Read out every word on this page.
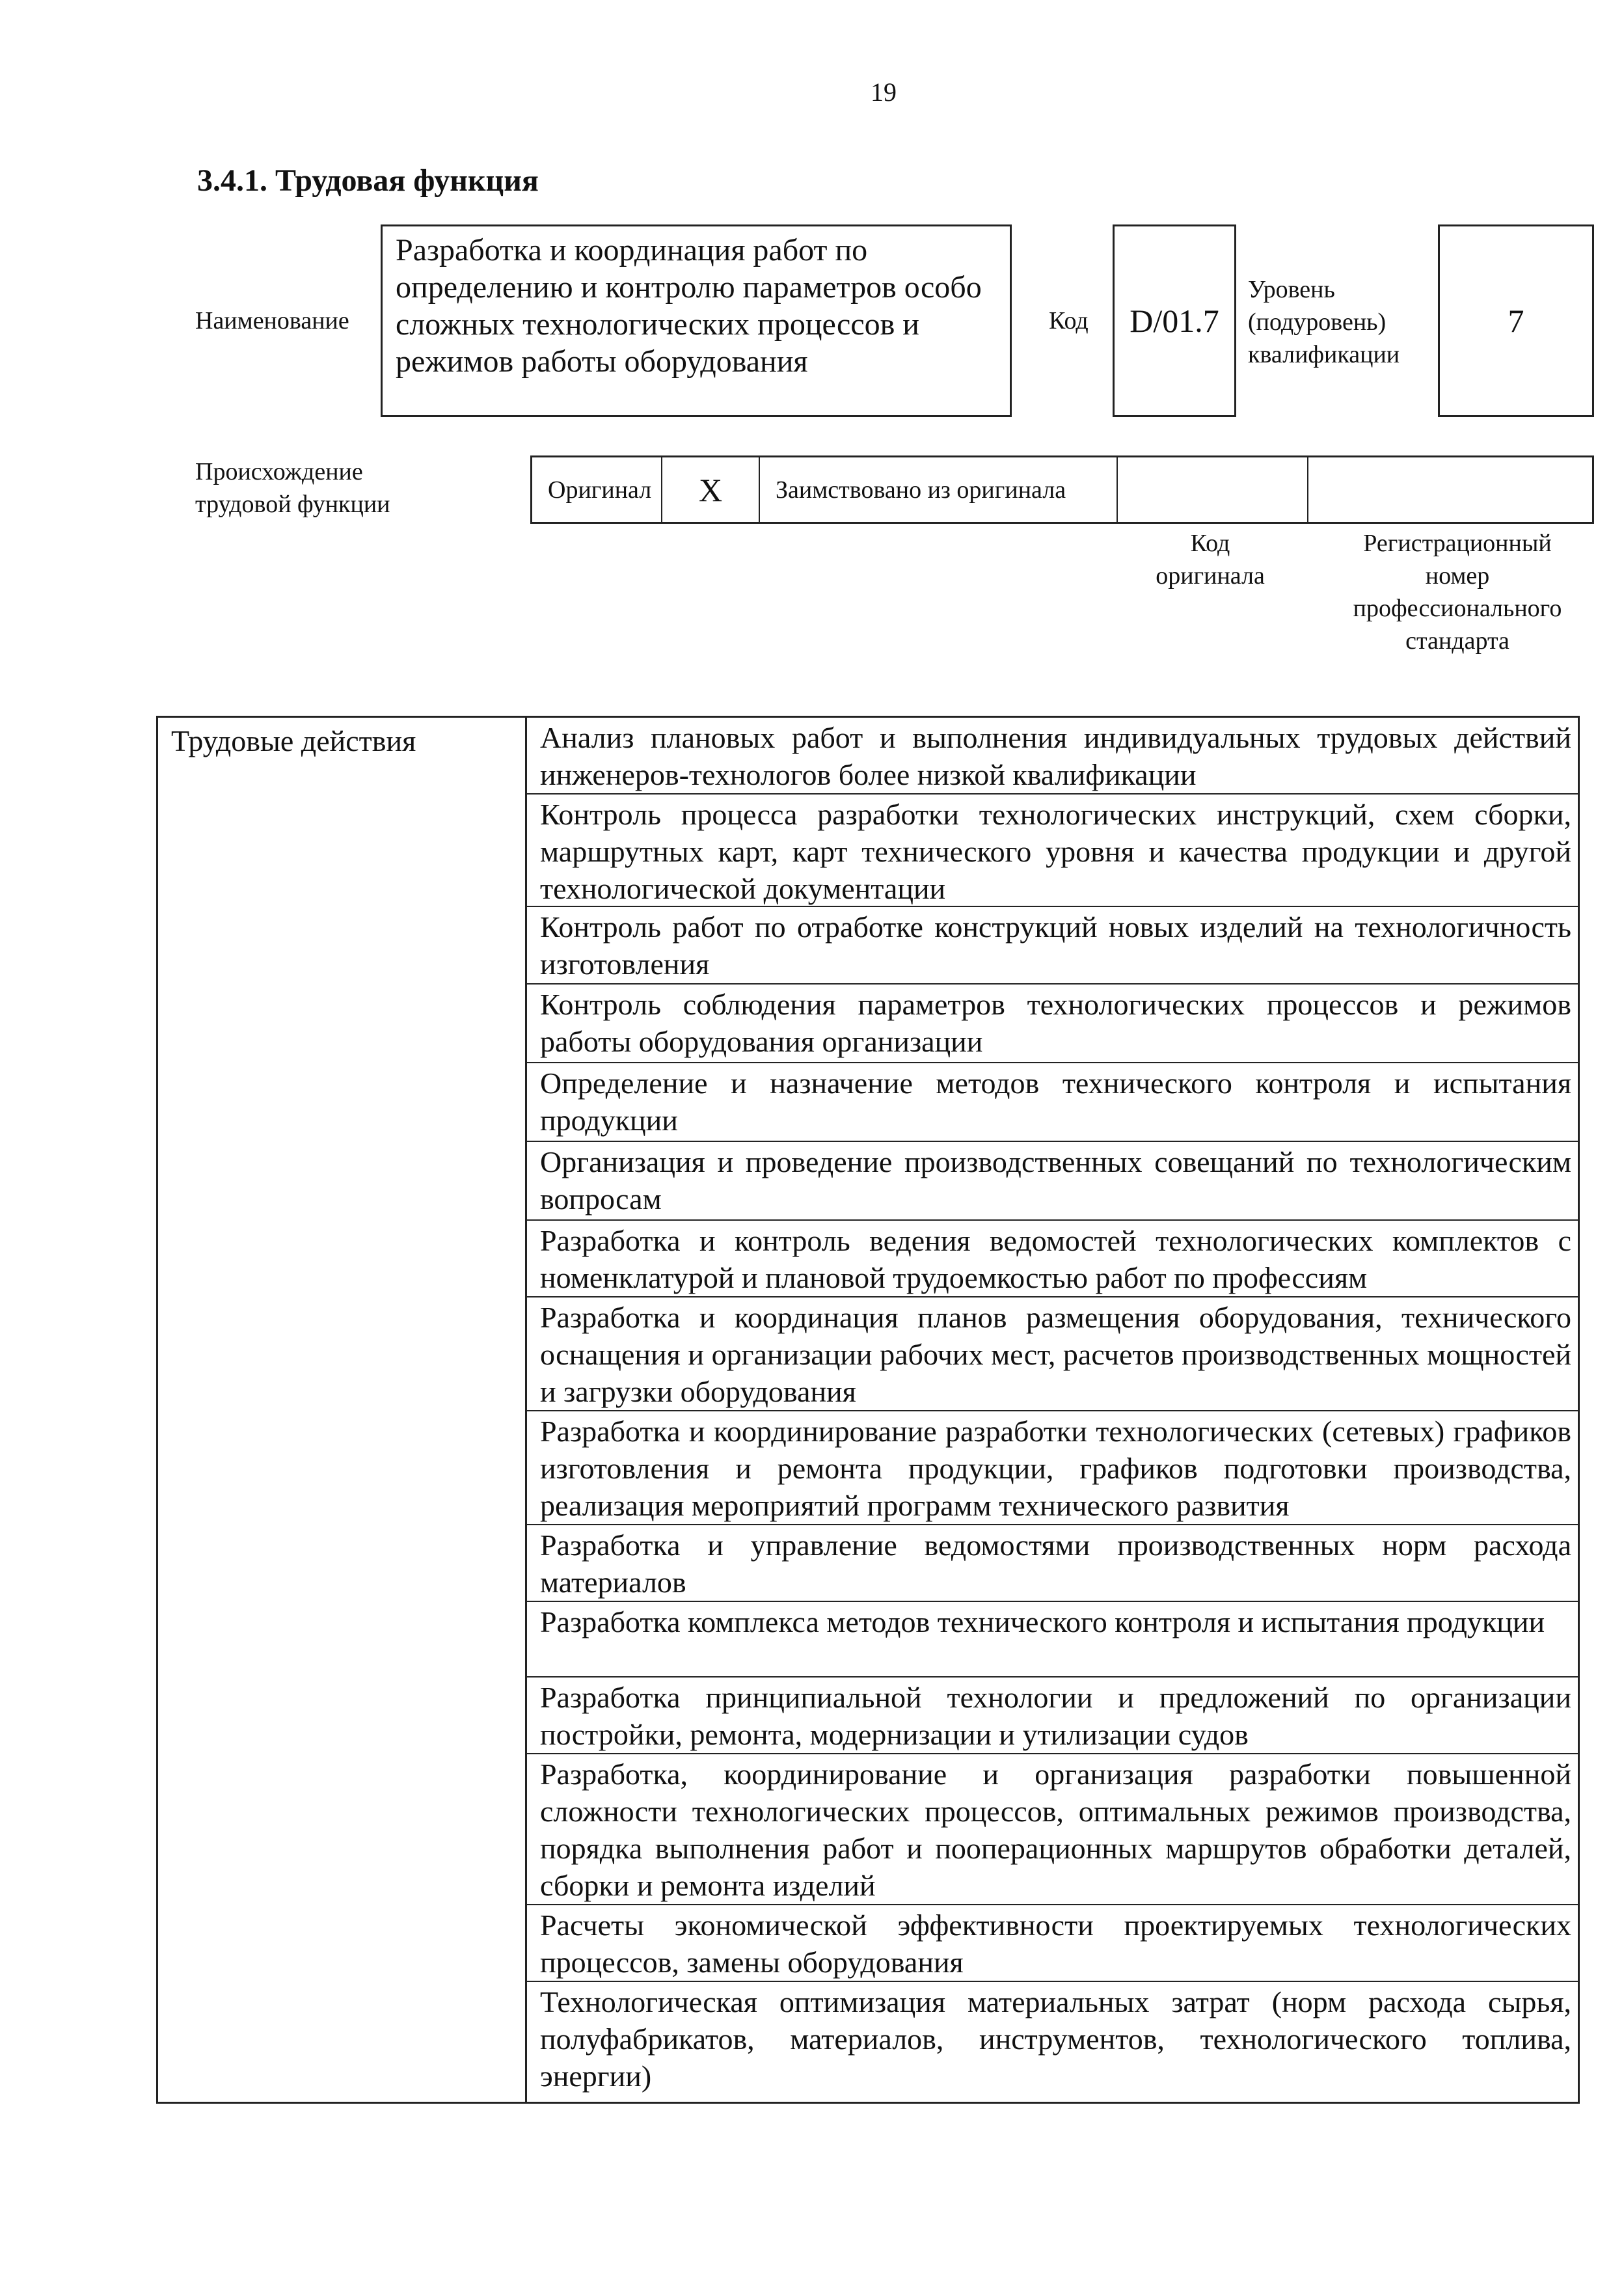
19
3.4.1. Трудовая функция
Наименование
Разработка и координация работ по определению и контролю параметров особо сложных технологических процессов и режимов работы оборудования
Код D/01.7
Уровень
(подуровень)
квалификации
7
Происхождение
трудовой функции
Оригинал X Заимствовано из оригинала
Код
оригинала
Регистрационный
номер
профессионального
стандарта
Трудовые действия	Анализ плановых работ и выполнения индивидуальных трудовых действий инженеров-технологов более низкой квалификации
Контроль процесса разработки технологических инструкций, схем сборки, маршрутных карт, карт технического уровня и качества продукции и другой технологической документации
Контроль работ по отработке конструкций новых изделий на технологичность изготовления
Контроль соблюдения параметров технологических процессов и режимов работы оборудования организации
Определение и назначение методов технического контроля и испытания продукции
Организация и проведение производственных совещаний по технологическим вопросам
Разработка и контроль ведения ведомостей технологических комплектов с номенклатурой и плановой трудоемкостью работ по профессиям
Разработка и координация планов размещения оборудования, технического оснащения и организации рабочих мест, расчетов производственных мощностей и загрузки оборудования
Разработка и координирование разработки технологических (сетевых) графиков изготовления и ремонта продукции, графиков подготовки производства, реализация мероприятий программ технического развития
Разработка и управление ведомостями производственных норм расхода материалов
Разработка комплекса методов технического контроля и испытания продукции
Разработка принципиальной технологии и предложений по организации постройки, ремонта, модернизации и утилизации судов
Разработка, координирование и организация разработки повышенной сложности технологических процессов, оптимальных режимов производства, порядка выполнения работ и пооперационных маршрутов обработки деталей, сборки и ремонта изделий
Расчеты экономической эффективности проектируемых технологических процессов, замены оборудования
Технологическая оптимизация материальных затрат (норм расхода сырья, полуфабрикатов, материалов, инструментов, технологического топлива, энергии)
